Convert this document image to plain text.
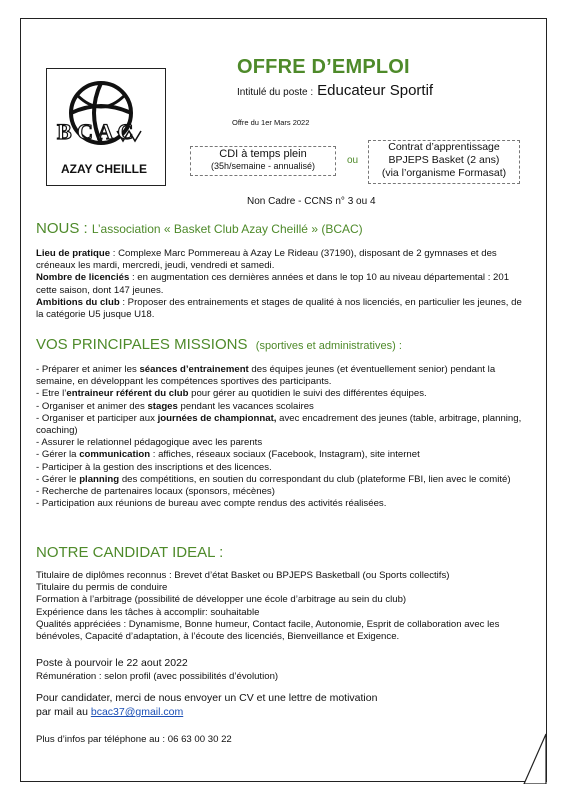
B C A C
AZAY CHEILLE
OFFRE D’EMPLOI
Intitulé du poste : Educateur Sportif
Offre du 1er Mars 2022
CDI à temps plein
(35h/semaine - annualisé)	ou
Contrat d’apprentissage
BPJEPS Basket (2 ans)
(via l’organisme Formasat)
Non Cadre - CCNS n° 3 ou 4
NOUS : L’association « Basket Club Azay Cheillé » (BCAC)
Lieu de pratique : Complexe Marc Pommereau à Azay Le Rideau (37190), disposant de 2 gymnases et des créneaux les mardi, mercredi, jeudi, vendredi et samedi.
Nombre de licenciés : en augmentation ces dernières années et dans le top 10 au niveau départemental : 201 cette saison, dont 147 jeunes.
Ambitions du club : Proposer des entrainements et stages de qualité à nos licenciés, en particulier les jeunes, de la catégorie U5 jusque U18.
VOS PRINCIPALES MISSIONS (sportives et administratives) :
- Préparer et animer les séances d’entrainement des équipes jeunes (et éventuellement senior) pendant la semaine, en développant les compétences sportives des participants.
- Etre l’entraineur référent du club pour gérer au quotidien le suivi des différentes équipes.
- Organiser et animer des stages pendant les vacances scolaires
- Organiser et participer aux journées de championnat, avec encadrement des jeunes (table, arbitrage, planning, coaching)
- Assurer le relationnel pédagogique avec les parents
- Gérer la communication : affiches, réseaux sociaux (Facebook, Instagram), site internet
- Participer à la gestion des inscriptions et des licences.
- Gérer le planning des compétitions, en soutien du correspondant du club (plateforme FBI, lien avec le comité)
- Recherche de partenaires locaux (sponsors, mécènes)
- Participation aux réunions de bureau avec compte rendus des activités réalisées.
NOTRE CANDIDAT IDEAL :
Titulaire de diplômes reconnus : Brevet d’état Basket ou BPJEPS Basketball (ou Sports collectifs)
Titulaire du permis de conduire
Formation à l’arbitrage (possibilité de développer une école d’arbitrage au sein du club)
Expérience dans les tâches à accomplir: souhaitable
Qualités appréciées : Dynamisme, Bonne humeur, Contact facile, Autonomie, Esprit de collaboration avec les bénévoles, Capacité d’adaptation, à l’écoute des licenciés, Bienveillance et Exigence.
Poste à pourvoir le 22 aout 2022
Rémunération : selon profil (avec possibilités d’évolution)
Pour candidater, merci de nous envoyer un CV et une lettre de motivation
par mail au bcac37@gmail.com
Plus d’infos par téléphone au : 06 63 00 30 22
